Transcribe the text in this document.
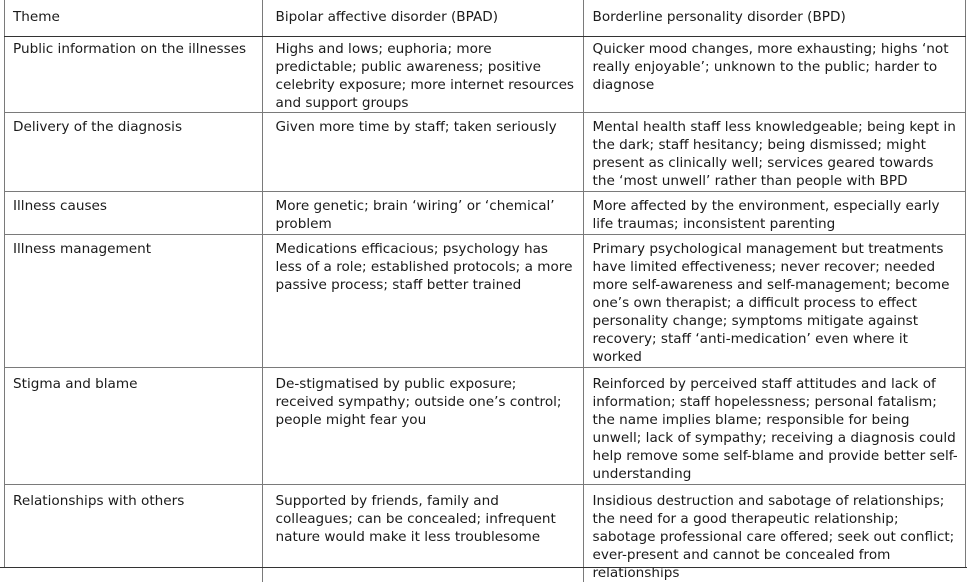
Theme	Bipolar affective disorder (BPAD)	Borderline personality disorder (BPD)
Public information on the illnesses	Highs and lows; euphoria; more predictable; public awareness; positive celebrity exposure; more internet resources and support groups	Quicker mood changes, more exhausting; highs ‘not really enjoyable’; unknown to the public; harder to diagnose
Delivery of the diagnosis	Given more time by staff; taken seriously	Mental health staff less knowledgeable; being kept in the dark; staff hesitancy; being dismissed; might present as clinically well; services geared towards the ‘most unwell’ rather than people with BPD
Illness causes	More genetic; brain ‘wiring’ or ‘chemical’ problem	More affected by the environment, especially early life traumas; inconsistent parenting
Illness management	Medications efficacious; psychology has less of a role; established protocols; a more passive process; staff better trained	Primary psychological management but treatments have limited effectiveness; never recover; needed more self-awareness and self-management; become one’s own therapist; a difficult process to effect personality change; symptoms mitigate against recovery; staff ‘anti-medication’ even where it worked
Stigma and blame	De-stigmatised by public exposure; received sympathy; outside one’s control; people might fear you	Reinforced by perceived staff attitudes and lack of information; staff hopelessness; personal fatalism; the name implies blame; responsible for being unwell; lack of sympathy; receiving a diagnosis could help remove some self-blame and provide better self-understanding
Relationships with others	Supported by friends, family and colleagues; can be concealed; infrequent nature would make it less troublesome	Insidious destruction and sabotage of relationships; the need for a good therapeutic relationship; sabotage professional care offered; seek out conflict; ever-present and cannot be concealed from relationships
